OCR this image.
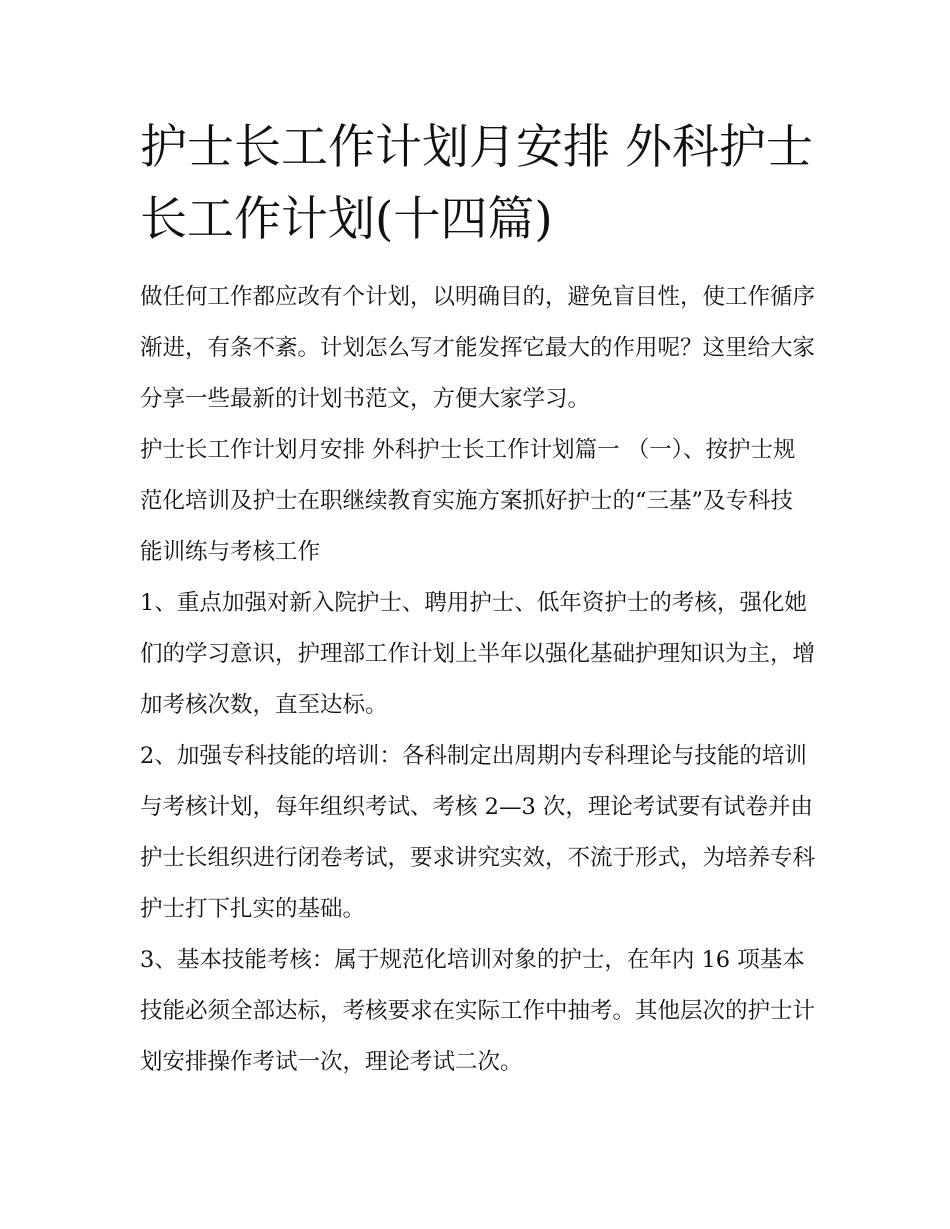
护士长工作计划月安排 外科护士长工作计划(十四篇)

做任何工作都应改有个计划，以明确目的，避免盲目性，使工作循序渐进，有条不紊。计划怎么写才能发挥它最大的作用呢？这里给大家分享一些最新的计划书范文，方便大家学习。

护士长工作计划月安排 外科护士长工作计划篇一 （一）、按护士规范化培训及护士在职继续教育实施方案抓好护士的“三基”及专科技能训练与考核工作

1、重点加强对新入院护士、聘用护士、低年资护士的考核，强化她们的学习意识，护理部工作计划上半年以强化基础护理知识为主，增加考核次数，直至达标。

2、加强专科技能的培训：各科制定出周期内专科理论与技能的培训与考核计划，每年组织考试、考核 2—3 次，理论考试要有试卷并由护士长组织进行闭卷考试，要求讲究实效，不流于形式，为培养专科护士打下扎实的基础。

3、基本技能考核：属于规范化培训对象的护士，在年内 16 项基本技能必须全部达标，考核要求在实际工作中抽考。其他层次的护士计划安排操作考试一次，理论考试二次。
